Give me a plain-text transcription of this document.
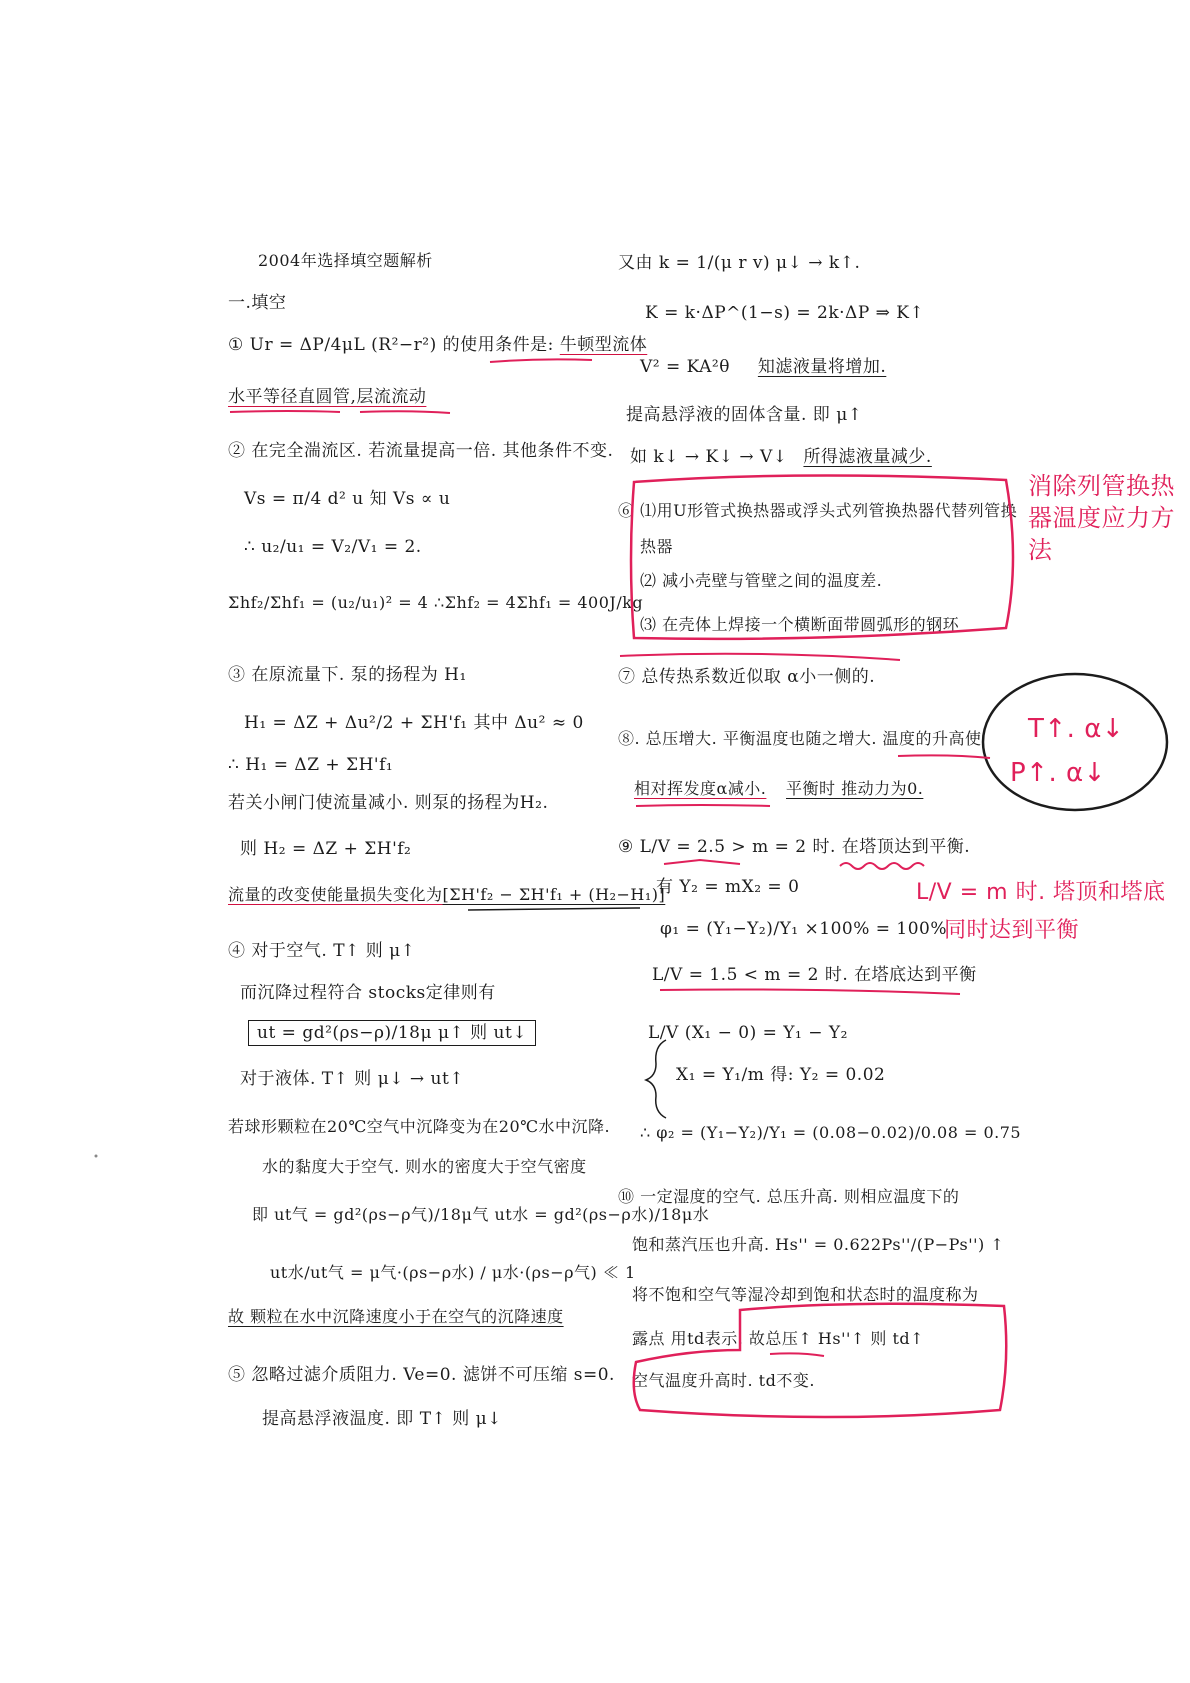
2004年选择填空题解析
一.填空
① Ur = ΔP/4μL (R²−r²) 的使用条件是: 牛顿型流体
水平等径直圆管,层流流动
② 在完全湍流区. 若流量提高一倍. 其他条件不变.
Vs = π/4 d² u 知 Vs ∝ u
∴ u₂/u₁ = V₂/V₁ = 2.
Σhf₂/Σhf₁ = (u₂/u₁)² = 4 ∴Σhf₂ = 4Σhf₁ = 400J/kg
③ 在原流量下. 泵的扬程为 H₁
H₁ = ΔZ + Δu²/2 + ΣH'f₁ 其中 Δu² ≈ 0
∴ H₁ = ΔZ + ΣH'f₁
若关小闸门使流量减小. 则泵的扬程为H₂.
则 H₂ = ΔZ + ΣH'f₂
流量的改变使能量损失变化为[ΣH'f₂ − ΣH'f₁ + (H₂−H₁)]
④ 对于空气. T↑ 则 μ↑
而沉降过程符合 stocks定律则有
ut = gd²(ρs−ρ)/18μ μ↑ 则 ut↓
对于液体. T↑ 则 μ↓ → ut↑
若球形颗粒在20℃空气中沉降变为在20℃水中沉降.
水的黏度大于空气. 则水的密度大于空气密度
即 ut气 = gd²(ρs−ρ气)/18μ气 ut水 = gd²(ρs−ρ水)/18μ水
ut水/ut气 = μ气·(ρs−ρ水) / μ水·(ρs−ρ气) ≪ 1
故 颗粒在水中沉降速度小于在空气的沉降速度
⑤ 忽略过滤介质阻力. Ve=0. 滤饼不可压缩 s=0.
提高悬浮液温度. 即 T↑ 则 μ↓
又由 k = 1/(μ r v) μ↓ → k↑.
K = k·ΔP^(1−s) = 2k·ΔP ⇒ K↑
V² = KA²θ 知滤液量将增加.
提高悬浮液的固体含量. 即 μ↑
如 k↓ → K↓ → V↓ 所得滤液量减少.
⑥ ⑴用U形管式换热器或浮头式列管换热器代替列管换
热器
⑵ 减小壳壁与管壁之间的温度差.
⑶ 在壳体上焊接一个横断面带圆弧形的钢环
⑦ 总传热系数近似取 α小一侧的.
⑧. 总压增大. 平衡温度也随之增大. 温度的升高使
相对挥发度α减小. 平衡时 推动力为0.
⑨ L/V = 2.5 > m = 2 时. 在塔顶达到平衡.
有 Y₂ = mX₂ = 0
φ₁ = (Y₁−Y₂)/Y₁ ×100% = 100%
L/V = 1.5 < m = 2 时. 在塔底达到平衡
L/V (X₁ − 0) = Y₁ − Y₂
X₁ = Y₁/m 得: Y₂ = 0.02
∴ φ₂ = (Y₁−Y₂)/Y₁ = (0.08−0.02)/0.08 = 0.75
⑩ 一定湿度的空气. 总压升高. 则相应温度下的
饱和蒸汽压也升高. Hs'' = 0.622Ps''/(P−Ps'') ↑
将不饱和空气等湿冷却到饱和状态时的温度称为
露点 用td表示. 故总压↑ Hs''↑ 则 td↑
空气温度升高时. td不变.
消除列管换热器温度应力方法
T↑. α↓
P↑. α↓
L/V = m 时. 塔顶和塔底
同时达到平衡
